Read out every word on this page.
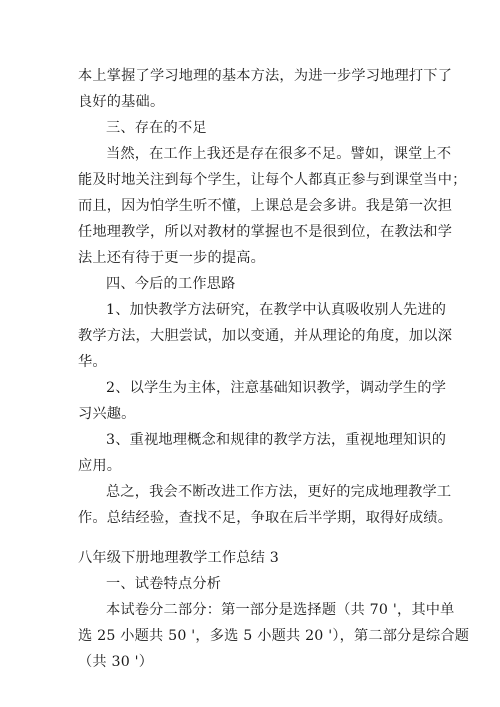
本上掌握了学习地理的基本方法，为进一步学习地理打下了
良好的基础。
三、存在的不足
当然，在工作上我还是存在很多不足。譬如，课堂上不
能及时地关注到每个学生，让每个人都真正参与到课堂当中；
而且，因为怕学生听不懂，上课总是会多讲。我是第一次担
任地理教学，所以对教材的掌握也不是很到位，在教法和学
法上还有待于更一步的提高。
四、今后的工作思路
1、加快教学方法研究，在教学中认真吸收别人先进的
教学方法，大胆尝试，加以变通，并从理论的角度，加以深
华。
2、以学生为主体，注意基础知识教学，调动学生的学
习兴趣。
3、重视地理概念和规律的教学方法，重视地理知识的
应用。
总之，我会不断改进工作方法，更好的完成地理教学工
作。总结经验，查找不足，争取在后半学期，取得好成绩。
八年级下册地理教学工作总结 3
一、试卷特点分析
本试卷分二部分：第一部分是选择题（共 70 '，其中单
选 25 小题共 50 '，多选 5 小题共 20 '），第二部分是综合题
（共 30 '）
